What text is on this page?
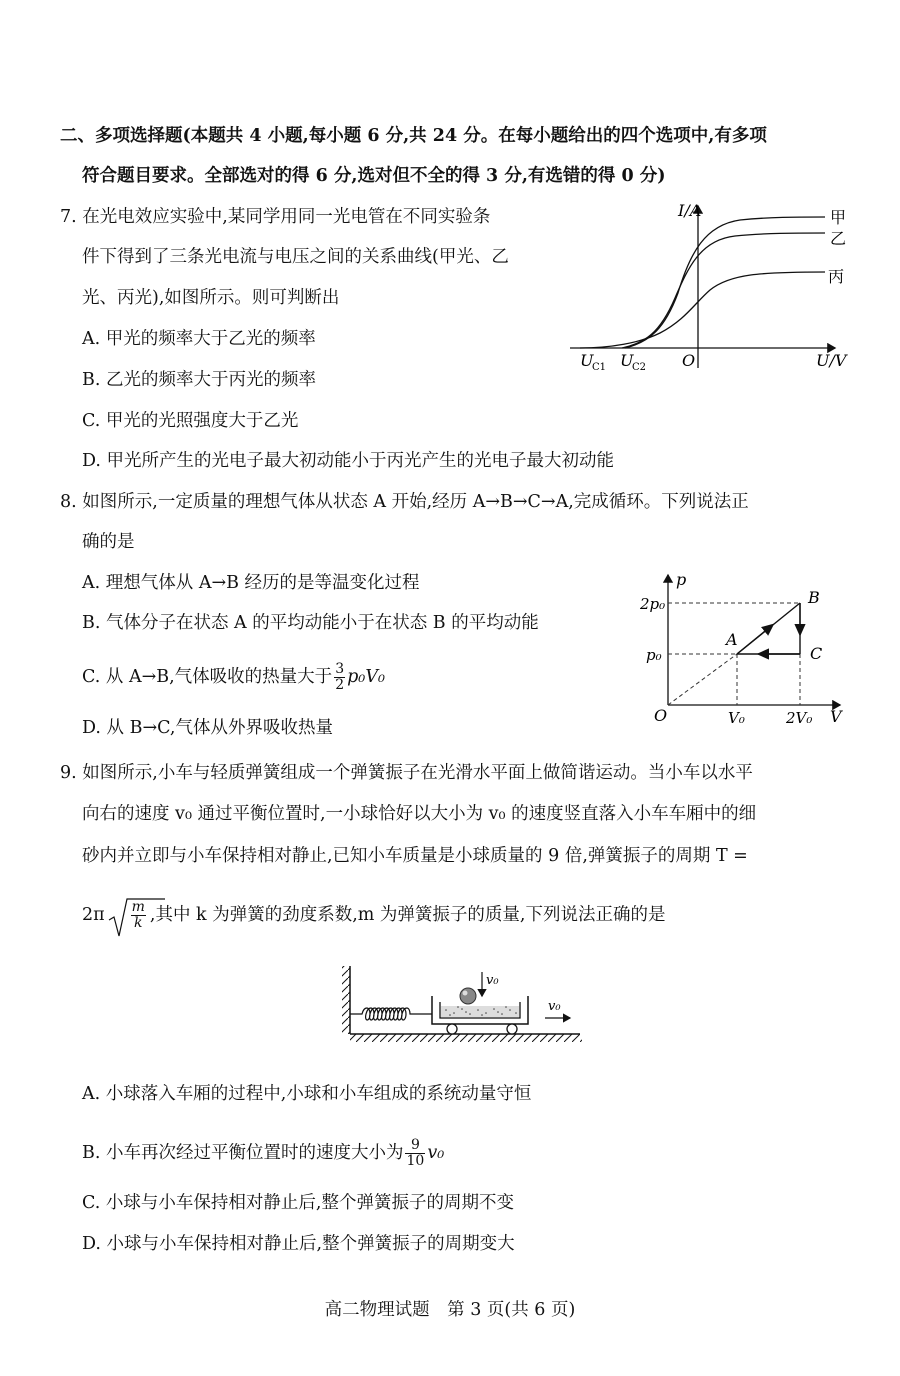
二、多项选择题(本题共 4 小题,每小题 6 分,共 24 分。在每小题给出的四个选项中,有多项
符合题目要求。全部选对的得 6 分,选对但不全的得 3 分,有选错的得 0 分)
7. 在光电效应实验中,某同学用同一光电管在不同实验条
件下得到了三条光电流与电压之间的关系曲线(甲光、乙
光、丙光),如图所示。则可判断出
A. 甲光的频率大于乙光的频率
B. 乙光的频率大于丙光的频率
C. 甲光的光照强度大于乙光
D. 甲光所产生的光电子最大初动能小于丙光产生的光电子最大初动能
I/A
U/V
O
U
C1 U
C2
甲
乙
丙
8. 如图所示,一定质量的理想气体从状态 A 开始,经历 A→B→C→A,完成循环。下列说法正
确的是
A. 理想气体从 A→B 经历的是等温变化过程
B. 气体分子在状态 A 的平均动能小于在状态 B 的平均动能
C. 从 A→B,气体吸收的热量大于 $\frac{3}{2} p_0V_0$
D. 从 B→C,气体从外界吸收热量
p
V
O
2p₀
p₀
V₀	2V₀
A
B
C
9. 如图所示,小车与轻质弹簧组成一个弹簧振子在光滑水平面上做简谐运动。当小车以水平
向右的速度 v₀ 通过平衡位置时,一小球恰好以大小为 v₀ 的速度竖直落入小车车厢中的细
砂内并立即与小车保持相对静止,已知小车质量是小球质量的 9 倍,弹簧振子的周期 T =
$2\pi \frac{m}{k}$ ,其中 k 为弹簧的劲度系数,m 为弹簧振子的质量,下列说法正确的是
v₀
v₀
A. 小球落入车厢的过程中,小球和小车组成的系统动量守恒
B. 小车再次经过平衡位置时的速度大小为 $\frac{9}{10} v_0$
C. 小球与小车保持相对静止后,整个弹簧振子的周期不变
D. 小球与小车保持相对静止后,整个弹簧振子的周期变大
高二物理试题　第 3 页(共 6 页)
